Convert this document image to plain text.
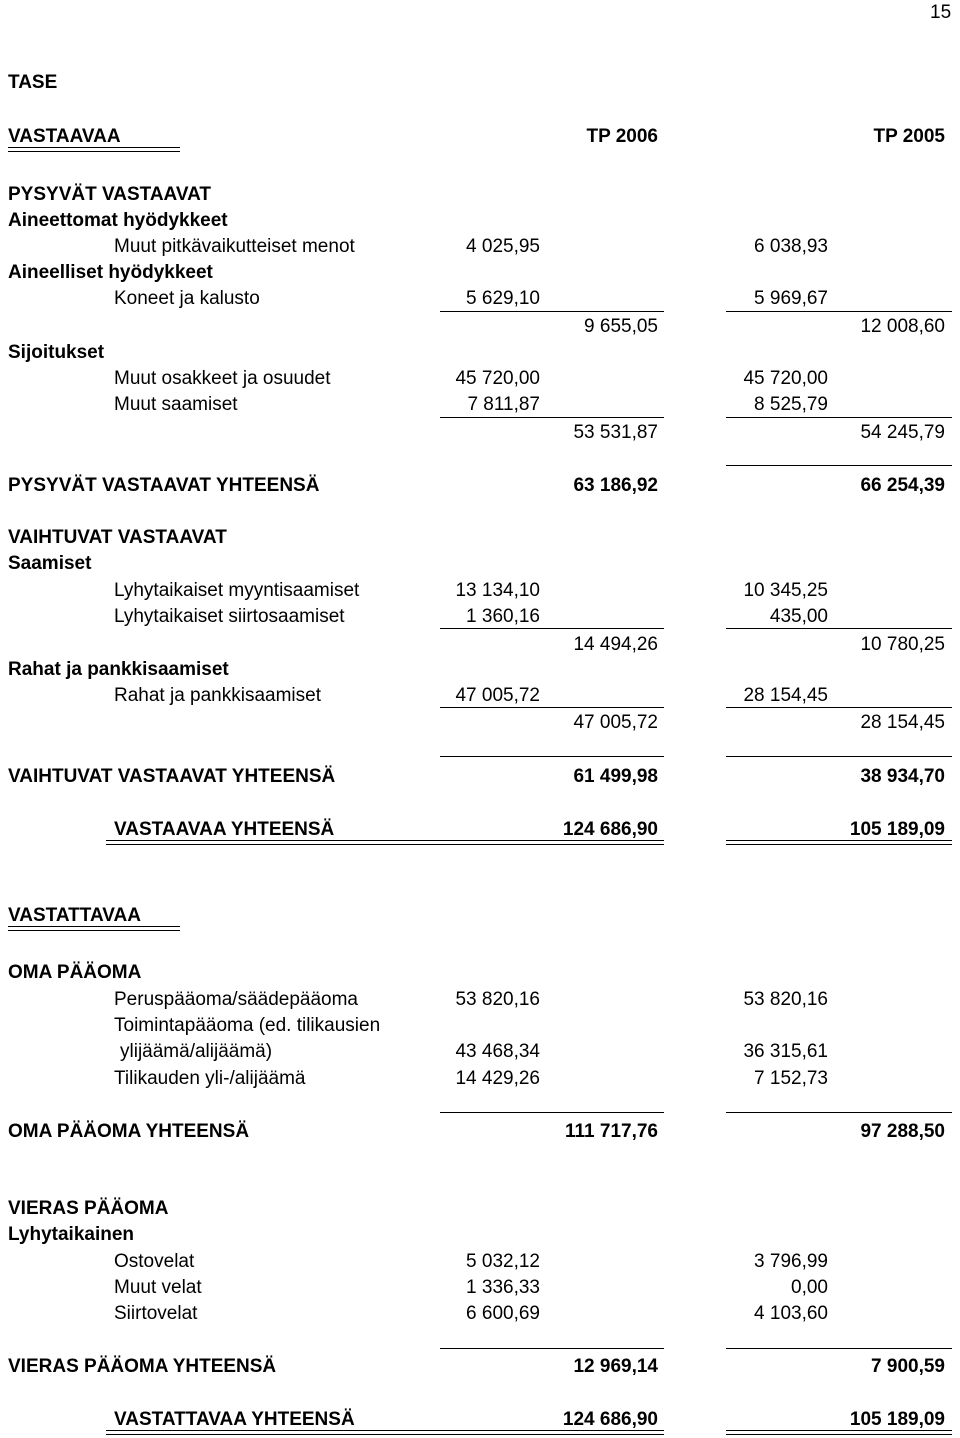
15
TASE
VASTAAVAA	TP 2006	TP 2005
PYSYVÄT VASTAAVAT
Aineettomat hyödykkeet
Muut pitkävaikutteiset menot	4 025,95	6 038,93
Aineelliset hyödykkeet
Koneet ja kalusto	5 629,10	5 969,67
9 655,05	12 008,60
Sijoitukset
Muut osakkeet ja osuudet	45 720,00	45 720,00
Muut saamiset	7 811,87	8 525,79
53 531,87	54 245,79
PYSYVÄT VASTAAVAT YHTEENSÄ	63 186,92	66 254,39
VAIHTUVAT VASTAAVAT
Saamiset
Lyhytaikaiset myyntisaamiset	13 134,10	10 345,25
Lyhytaikaiset siirtosaamiset	1 360,16	435,00
14 494,26	10 780,25
Rahat ja pankkisaamiset
Rahat ja pankkisaamiset	47 005,72	28 154,45
47 005,72	28 154,45
VAIHTUVAT VASTAAVAT YHTEENSÄ	61 499,98	38 934,70
VASTAAVAA YHTEENSÄ	124 686,90	105 189,09
VASTATTAVAA
OMA PÄÄOMA
Peruspääoma/säädepääoma	53 820,16	53 820,16
Toimintapääoma (ed. tilikausien
ylijäämä/alijäämä)	43 468,34	36 315,61
Tilikauden yli-/alijäämä	14 429,26	7 152,73
OMA PÄÄOMA YHTEENSÄ	111 717,76	97 288,50
VIERAS PÄÄOMA
Lyhytaikainen
Ostovelat	5 032,12	3 796,99
Muut velat	1 336,33	0,00
Siirtovelat	6 600,69	4 103,60
VIERAS PÄÄOMA YHTEENSÄ	12 969,14	7 900,59
VASTATTAVAA YHTEENSÄ	124 686,90	105 189,09
